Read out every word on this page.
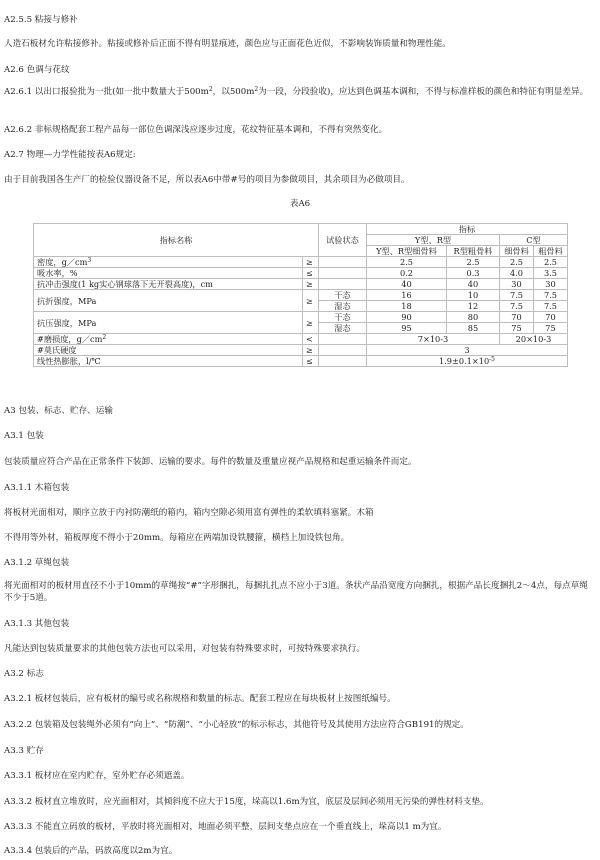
A2.5.5 粘接与修补
人造石板材允许粘接修补。粘接或修补后正面不得有明显痕迹，颜色应与正面花色近似，不影响装饰质量和物理性能。
A2.6 色调与花纹
A2.6.1 以出口报验批为一批(如一批中数量大于$500m^2$，以$500m^2$为一段，分段验收)，应达到色调基本调和，不得与标准样板的颜色和特征有明显差异。
A2.6.2 非标规格配套工程产品每一部位色调深浅应逐步过度，花纹特征基本调和，不得有突然变化。
A2.7 物理—力学性能按表A6规定:
由于目前我国各生产厂的检验仪器设备不足，所以表A6中带#号的项目为参做项目，其余项目为必做项目。
表A6
指标名称		试验状态	指标			
			Y型、R型		C型	
			Y型、R型细骨料	R型粗骨料	细骨料	粗骨料
密度，$g/cm^3$	≥		2.5	2.5	2.5	2.5
吸水率，%	≤		0.2	0.3	4.0	3.5
抗冲击强度(1 kg实心钢球落下无开裂高度)，cm	≥		40	40	30	30
抗折强度，MPa	≥	干态	16	10	7.5	7.5
		湿态	18	12	7.5	7.5
抗压强度，MPa	≥	干态	90	80	70	70
		湿态	95	85	75	75
#磨损度，$g/cm^2$	<		7×10-3		20×10-3	
#莫氏硬度	≥		3			
线性热膨胀，l/℃	≤		$1.9\pm 0.1\times 10^{-5}$
A3 包装、标志、贮存、运输
A3.1 包装
包装质量应符合产品在正常条件下装卸、运输的要求。每件的数量及重量应视产品规格和起重运输条件而定。
A3.1.1 木箱包装
将板材光面相对，顺序立放于内衬防潮纸的箱内，箱内空隙必须用富有弹性的柔软填料塞紧。木箱
不得用等外材，箱板厚度不得小于20mm。每箱应在两端加设铁腰箍，横档上加设铁包角。
A3.1.2 草绳包装
将光面相对的板材用直径不小于10mm的草绳按“#”字形捆扎，每捆扎扎点不应小于3道。条状产品沿宽度方向捆扎，根据产品长度捆扎2～4点，每点草绳不少于5道。
A3.1.3 其他包装
凡能达到包装质量要求的其他包装方法也可以采用，对包装有特殊要求时，可按特殊要求执行。
A3.2 标志
A3.2.1 板材包装后，应有板材的编号或名称规格和数量的标志。配套工程应在每块板材上按图纸编号。
A3.2.2 包装箱及包装绳外必须有“向上”、“防潮”、“小心轻放”的标示标志，其他符号及其使用方法应符合GB191的规定。
A3.3 贮存
A3.3.1 板材应在室内贮存，室外贮存必须遮盖。
A3.3.2 板材直立堆放时，应光面相对，其倾斜度不应大于15度，垛高以1.6m为宜，底层及层间必须用无污染的弹性材料支垫。
A3.3.3 不能直立码放的板材，平放时将光面相对，地面必须平整，层间支垫点应在一个垂直线上，垛高以1 m为宜。
A3.3.4 包装后的产品，码放高度以2m为宜。
